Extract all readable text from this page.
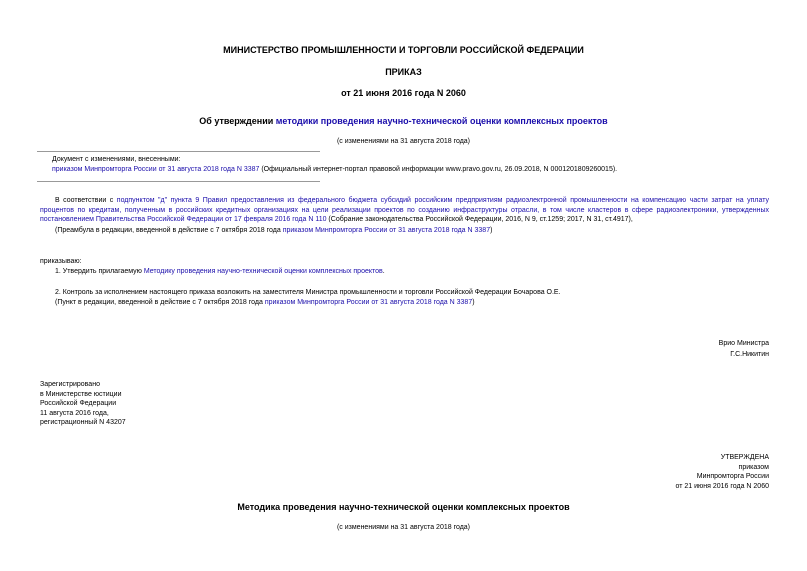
МИНИСТЕРСТВО ПРОМЫШЛЕННОСТИ И ТОРГОВЛИ РОССИЙСКОЙ ФЕДЕРАЦИИ
ПРИКАЗ
от 21 июня 2016 года N 2060
Об утверждении методики проведения научно-технической оценки комплексных проектов
(с изменениями на 31 августа 2018 года)
Документ с изменениями, внесенными:
приказом Минпромторга России от 31 августа 2018 года N 3387 (Официальный интернет-портал правовой информации www.pravo.gov.ru, 26.09.2018, N 0001201809260015).
В соответствии с подпунктом "д" пункта 9 Правил предоставления из федерального бюджета субсидий российским предприятиям радиоэлектронной промышленности на компенсацию части затрат на уплату процентов по кредитам, полученным в российских кредитных организациях на цели реализации проектов по созданию инфраструктуры отрасли, в том числе кластеров в сфере радиоэлектроники, утвержденных постановлением Правительства Российской Федерации от 17 февраля 2016 года N 110 (Собрание законодательства Российской Федерации, 2016, N 9, ст.1259; 2017, N 31, ст.4917),
(Преамбула в редакции, введенной в действие с 7 октября 2018 года приказом Минпромторга России от 31 августа 2018 года N 3387)
приказываю:
1. Утвердить прилагаемую Методику проведения научно-технической оценки комплексных проектов.
2. Контроль за исполнением настоящего приказа возложить на заместителя Министра промышленности и торговли Российской Федерации Бочарова О.Е.
(Пункт в редакции, введенной в действие с 7 октября 2018 года приказом Минпромторга России от 31 августа 2018 года N 3387)
Врио Министра
Г.С.Никитин
Зарегистрировано
в Министерстве юстиции
Российской Федерации
11 августа 2016 года,
регистрационный N 43207
УТВЕРЖДЕНА
приказом
Минпромторга России
от 21 июня 2016 года N 2060
Методика проведения научно-технической оценки комплексных проектов
(с изменениями на 31 августа 2018 года)
